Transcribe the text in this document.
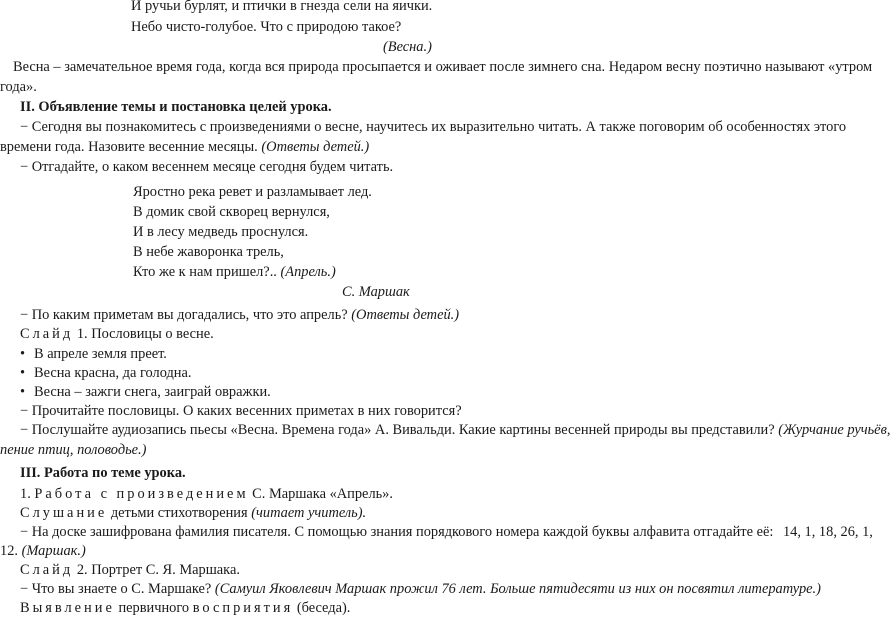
И ручьи бурлят, и птички в гнезда сели на яички.
Небо чисто-голубое. Что с природою такое?
(Весна.)
Весна – замечательное время года, когда вся природа просыпается и оживает после зимнего сна. Недаром весну поэтично называют «утром
года».
II. Объявление темы и постановка целей урока.
− Сегодня вы познакомитесь с произведениями о весне, научитесь их выразительно читать. А также поговорим об особенностях этого
времени года. Назовите весенние месяцы. (Ответы детей.)
− Отгадайте, о каком весеннем месяце сегодня будем читать.
Яростно река ревет и разламывает лед.
В домик свой скворец вернулся,
И в лесу медведь проснулся.
В небе жаворонка трель,
Кто же к нам пришел?.. (Апрель.)
С. Маршак
− По каким приметам вы догадались, что это апрель? (Ответы детей.)
Слайд 1. Пословицы о весне.
• В апреле земля преет.
• Весна красна, да голодна.
• Весна – зажги снега, заиграй овражки.
− Прочитайте пословицы. О каких весенних приметах в них говорится?
− Послушайте аудиозапись пьесы «Весна. Времена года» А. Вивальди. Какие картины весенней природы вы представили? (Журчание ручьёв,
пение птиц, половодье.)
III. Работа по теме урока.
1. Работа с произведением С. Маршака «Апрель».
Слушание детьми стихотворения (читает учитель).
− На доске зашифрована фамилия писателя. С помощью знания порядкового номера каждой буквы алфавита отгадайте её: 14, 1, 18, 26, 1,
12. (Маршак.)
Слайд 2. Портрет С. Я. Маршака.
− Что вы знаете о С. Маршаке? (Самуил Яковлевич Маршак прожил 76 лет. Больше пятидесяти из них он посвятил литературе.)
Выявление первичного восприятия (беседа).
